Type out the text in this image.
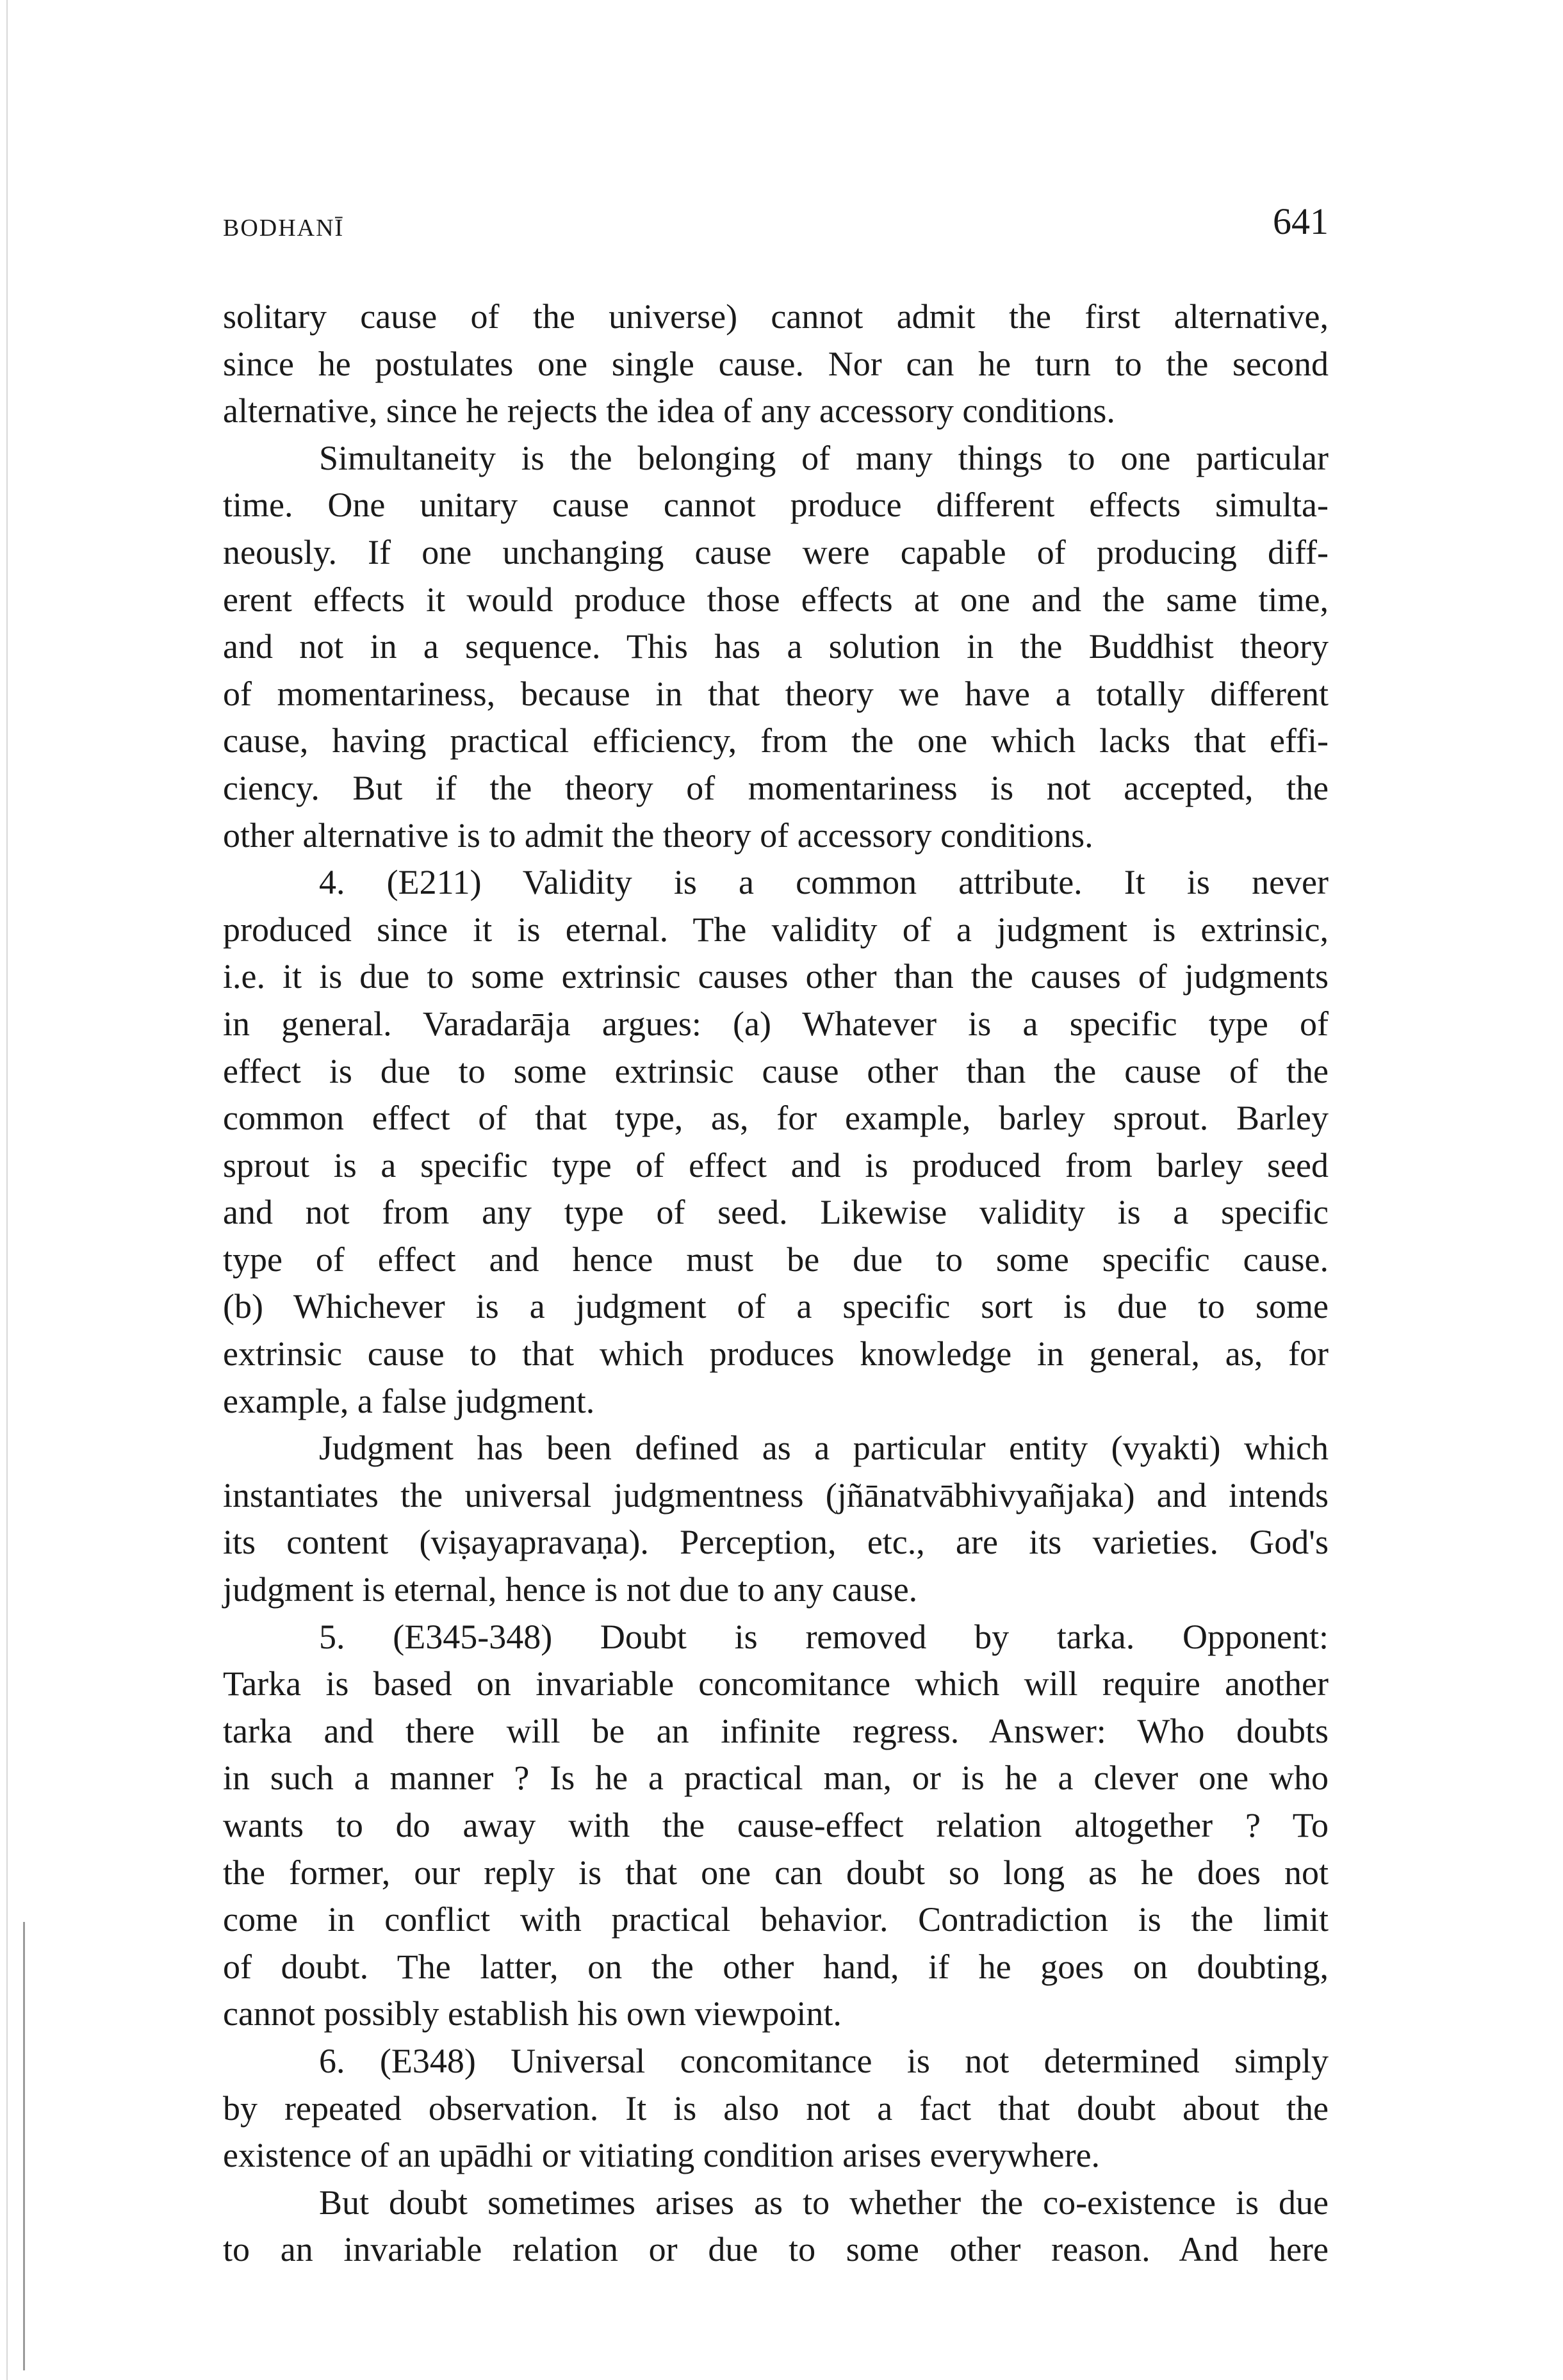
BODHANĪ	641

solitary cause of the universe) cannot admit the first alternative,
since he postulates one single cause. Nor can he turn to the second
alternative, since he rejects the idea of any accessory conditions.

Simultaneity is the belonging of many things to one particular
time. One unitary cause cannot produce different effects simulta-
neously. If one unchanging cause were capable of producing diff-
erent effects it would produce those effects at one and the same time,
and not in a sequence. This has a solution in the Buddhist theory
of momentariness, because in that theory we have a totally different
cause, having practical efficiency, from the one which lacks that effi-
ciency. But if the theory of momentariness is not accepted, the
other alternative is to admit the theory of accessory conditions.

4. (E211) Validity is a common attribute. It is never
produced since it is eternal. The validity of a judgment is extrinsic,
i.e. it is due to some extrinsic causes other than the causes of judgments
in general. Varadarāja argues: (a) Whatever is a specific type of
effect is due to some extrinsic cause other than the cause of the
common effect of that type, as, for example, barley sprout. Barley
sprout is a specific type of effect and is produced from barley seed
and not from any type of seed. Likewise validity is a specific
type of effect and hence must be due to some specific cause.
(b) Whichever is a judgment of a specific sort is due to some
extrinsic cause to that which produces knowledge in general, as, for
example, a false judgment.

Judgment has been defined as a particular entity (vyakti) which
instantiates the universal judgmentness (jñānatvābhivyañjaka) and intends
its content (viṣayapravaṇa). Perception, etc., are its varieties. God's
judgment is eternal, hence is not due to any cause.

5. (E345-348) Doubt is removed by tarka. Opponent:
Tarka is based on invariable concomitance which will require another
tarka and there will be an infinite regress. Answer: Who doubts
in such a manner ? Is he a practical man, or is he a clever one who
wants to do away with the cause-effect relation altogether ? To
the former, our reply is that one can doubt so long as he does not
come in conflict with practical behavior. Contradiction is the limit
of doubt. The latter, on the other hand, if he goes on doubting,
cannot possibly establish his own viewpoint.

6. (E348) Universal concomitance is not determined simply
by repeated observation. It is also not a fact that doubt about the
existence of an upādhi or vitiating condition arises everywhere.

But doubt sometimes arises as to whether the co-existence is due
to an invariable relation or due to some other reason. And here
